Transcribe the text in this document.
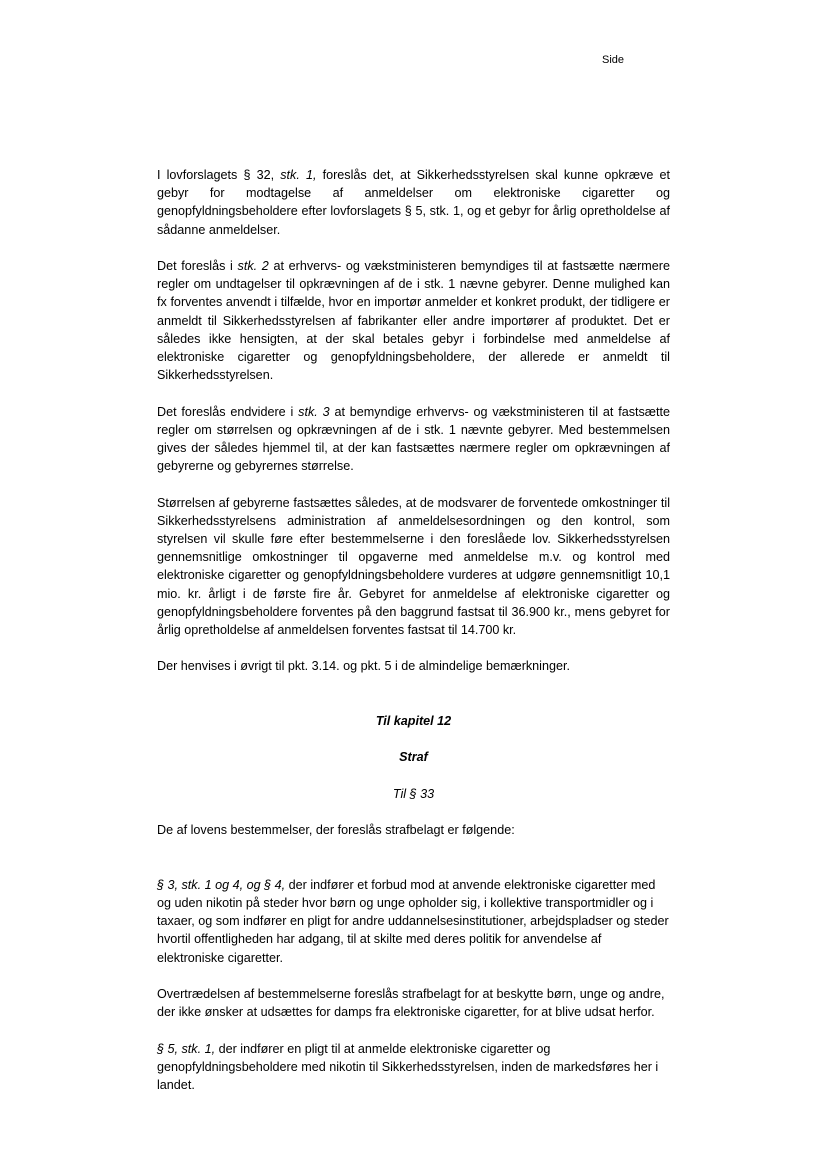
Side

I lovforslagets § 32, stk. 1, foreslås det, at Sikkerhedsstyrelsen skal kunne opkræve et gebyr for modtagelse af anmeldelser om elektroniske cigaretter og genopfyldningsbeholdere efter lovforslagets § 5, stk. 1, og et gebyr for årlig opretholdelse af sådanne anmeldelser.

Det foreslås i stk. 2 at erhvervs- og vækstministeren bemyndiges til at fastsætte nærmere regler om undtagelser til opkrævningen af de i stk. 1 nævne gebyrer. Denne mulighed kan fx forventes anvendt i tilfælde, hvor en importør anmelder et konkret produkt, der tidligere er anmeldt til Sikkerhedsstyrelsen af fabrikanter eller andre importører af produktet. Det er således ikke hensigten, at der skal betales gebyr i forbindelse med anmeldelse af elektroniske cigaretter og genopfyldningsbeholdere, der allerede er anmeldt til Sikkerhedsstyrelsen.

Det foreslås endvidere i stk. 3 at bemyndige erhvervs- og vækstministeren til at fastsætte regler om størrelsen og opkrævningen af de i stk. 1 nævnte gebyrer. Med bestemmelsen gives der således hjemmel til, at der kan fastsættes nærmere regler om opkrævningen af gebyrerne og gebyrernes størrelse.

Størrelsen af gebyrerne fastsættes således, at de modsvarer de forventede omkostninger til Sikkerhedsstyrelsens administration af anmeldelsesordningen og den kontrol, som styrelsen vil skulle føre efter bestemmelserne i den foreslåede lov. Sikkerhedsstyrelsen gennemsnitlige omkostninger til opgaverne med anmeldelse m.v. og kontrol med elektroniske cigaretter og genopfyldningsbeholdere vurderes at udgøre gennemsnitligt 10,1 mio. kr. årligt i de første fire år. Gebyret for anmeldelse af elektroniske cigaretter og genopfyldningsbeholdere forventes på den baggrund fastsat til 36.900 kr., mens gebyret for årlig opretholdelse af anmeldelsen forventes fastsat til 14.700 kr.

Der henvises i øvrigt til pkt. 3.14. og pkt. 5 i de almindelige bemærkninger.

Til kapitel 12

Straf

Til § 33

De af lovens bestemmelser, der foreslås strafbelagt er følgende:

§ 3, stk. 1 og 4, og § 4, der indfører et forbud mod at anvende elektroniske cigaretter med og uden nikotin på steder hvor børn og unge opholder sig, i kollektive transportmidler og i taxaer, og som indfører en pligt for andre uddannelsesinstitutioner, arbejdspladser og steder hvortil offentligheden har adgang, til at skilte med deres politik for anvendelse af elektroniske cigaretter.

Overtrædelsen af bestemmelserne foreslås strafbelagt for at beskytte børn, unge og andre, der ikke ønsker at udsættes for damps fra elektroniske cigaretter, for at blive udsat herfor.

§ 5, stk. 1, der indfører en pligt til at anmelde elektroniske cigaretter og genopfyldningsbeholdere med nikotin til Sikkerhedsstyrelsen, inden de markedsføres her i landet.
